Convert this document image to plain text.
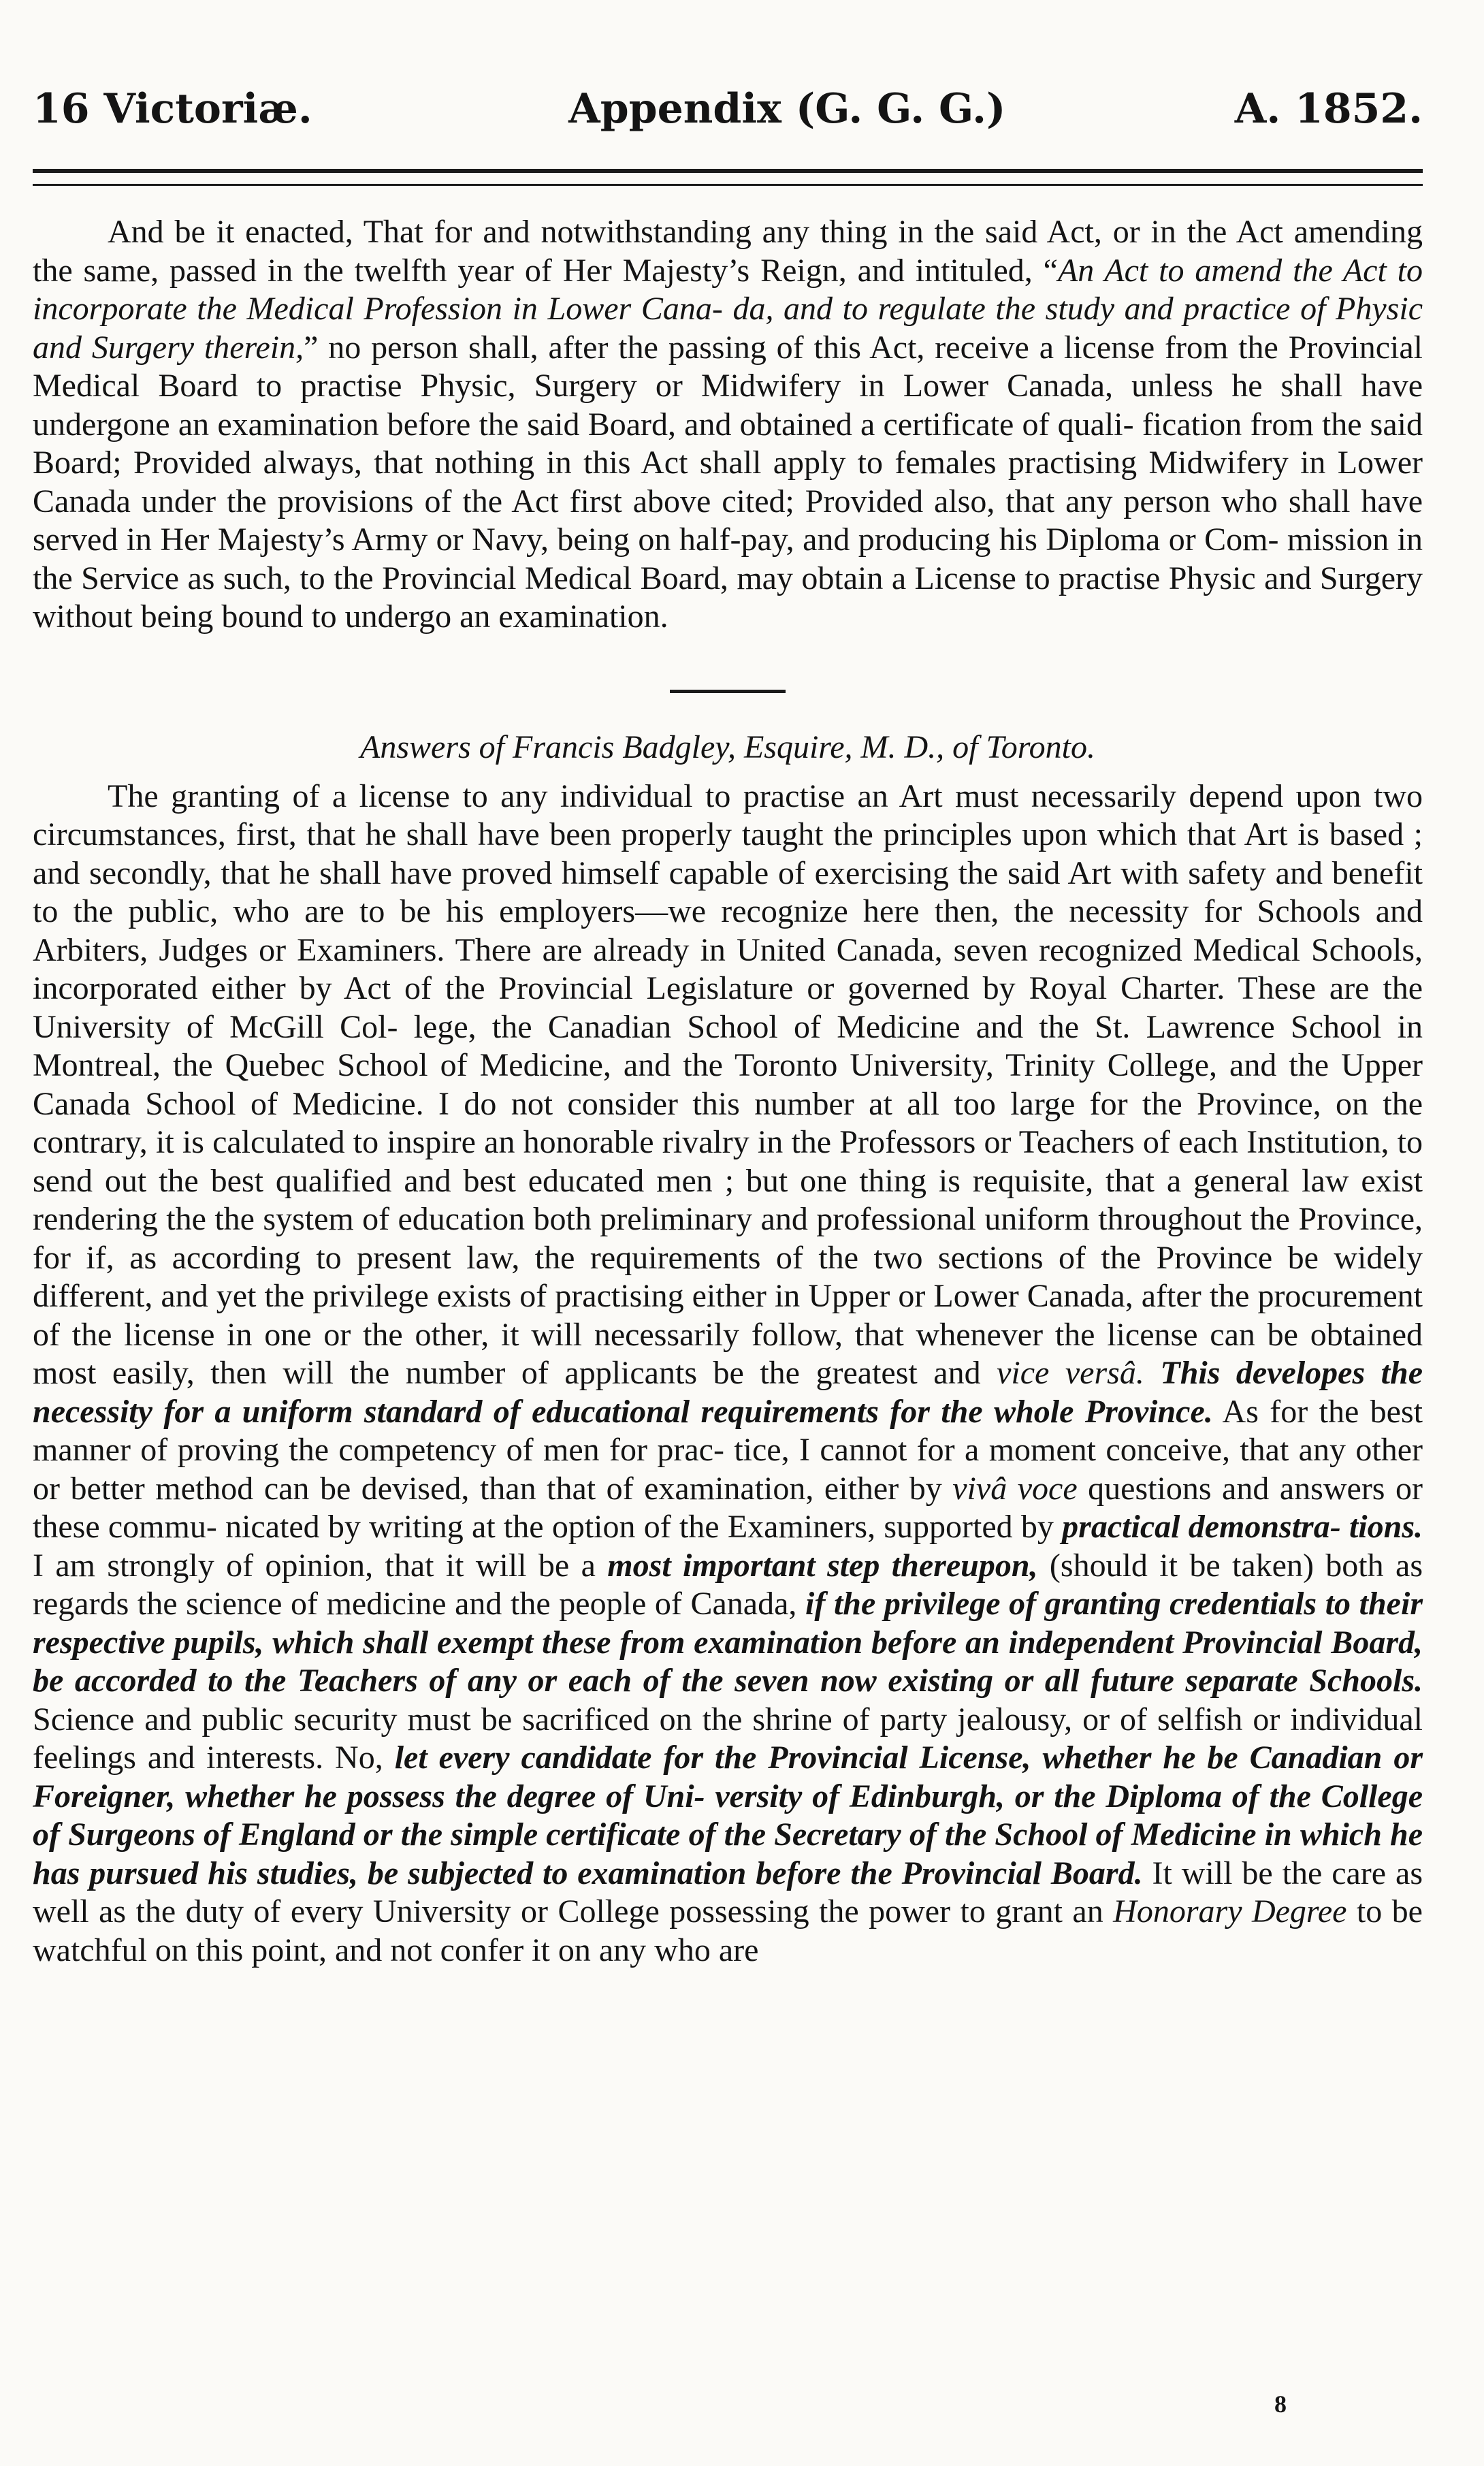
16 Victoriæ.	Appendix (G. G. G.)	A. 1852.

And be it enacted, That for and notwithstanding any thing in the said Act, or in the Act amending the same, passed in the twelfth year of Her Majesty’s Reign, and intituled, “An Act to amend the Act to incorporate the Medical Profession in Lower Cana- da, and to regulate the study and practice of Physic and Surgery therein,” no person shall, after the passing of this Act, receive a license from the Provincial Medical Board to practise Physic, Surgery or Midwifery in Lower Canada, unless he shall have undergone an examination before the said Board, and obtained a certificate of quali- fication from the said Board; Provided always, that nothing in this Act shall apply to females practising Midwifery in Lower Canada under the provisions of the Act first above cited; Provided also, that any person who shall have served in Her Majesty’s Army or Navy, being on half-pay, and producing his Diploma or Com- mission in the Service as such, to the Provincial Medical Board, may obtain a License to practise Physic and Surgery without being bound to undergo an examination.

Answers of Francis Badgley, Esquire, M. D., of Toronto.

The granting of a license to any individual to practise an Art must necessarily depend upon two circumstances, first, that he shall have been properly taught the principles upon which that Art is based ; and secondly, that he shall have proved himself capable of exercising the said Art with safety and benefit to the public, who are to be his employers—we recognize here then, the necessity for Schools and Arbiters, Judges or Examiners. There are already in United Canada, seven recognized Medical Schools, incorporated either by Act of the Provincial Legislature or governed by Royal Charter. These are the University of McGill Col- lege, the Canadian School of Medicine and the St. Lawrence School in Montreal, the Quebec School of Medicine, and the Toronto University, Trinity College, and the Upper Canada School of Medicine. I do not consider this number at all too large for the Province, on the contrary, it is calculated to inspire an honorable rivalry in the Professors or Teachers of each Institution, to send out the best qualified and best educated men ; but one thing is requisite, that a general law exist rendering the the system of education both preliminary and professional uniform throughout the Province, for if, as according to present law, the requirements of the two sections of the Province be widely different, and yet the privilege exists of practising either in Upper or Lower Canada, after the procurement of the license in one or the other, it will necessarily follow, that whenever the license can be obtained most easily, then will the number of applicants be the greatest and vice versâ. This developes the necessity for a uniform standard of educational requirements for the whole Province. As for the best manner of proving the competency of men for prac- tice, I cannot for a moment conceive, that any other or better method can be devised, than that of examination, either by vivâ voce questions and answers or these commu- nicated by writing at the option of the Examiners, supported by practical demonstra- tions. I am strongly of opinion, that it will be a most important step thereupon, (should it be taken) both as regards the science of medicine and the people of Canada, if the privilege of granting credentials to their respective pupils, which shall exempt these from examination before an independent Provincial Board, be accorded to the Teachers of any or each of the seven now existing or all future separate Schools. Science and public security must be sacrificed on the shrine of party jealousy, or of selfish or individual feelings and interests. No, let every candidate for the Provincial License, whether he be Canadian or Foreigner, whether he possess the degree of Uni- versity of Edinburgh, or the Diploma of the College of Surgeons of England or the simple certificate of the Secretary of the School of Medicine in which he has pursued his studies, be subjected to examination before the Provincial Board. It will be the care as well as the duty of every University or College possessing the power to grant an Honorary Degree to be watchful on this point, and not confer it on any who are

8
